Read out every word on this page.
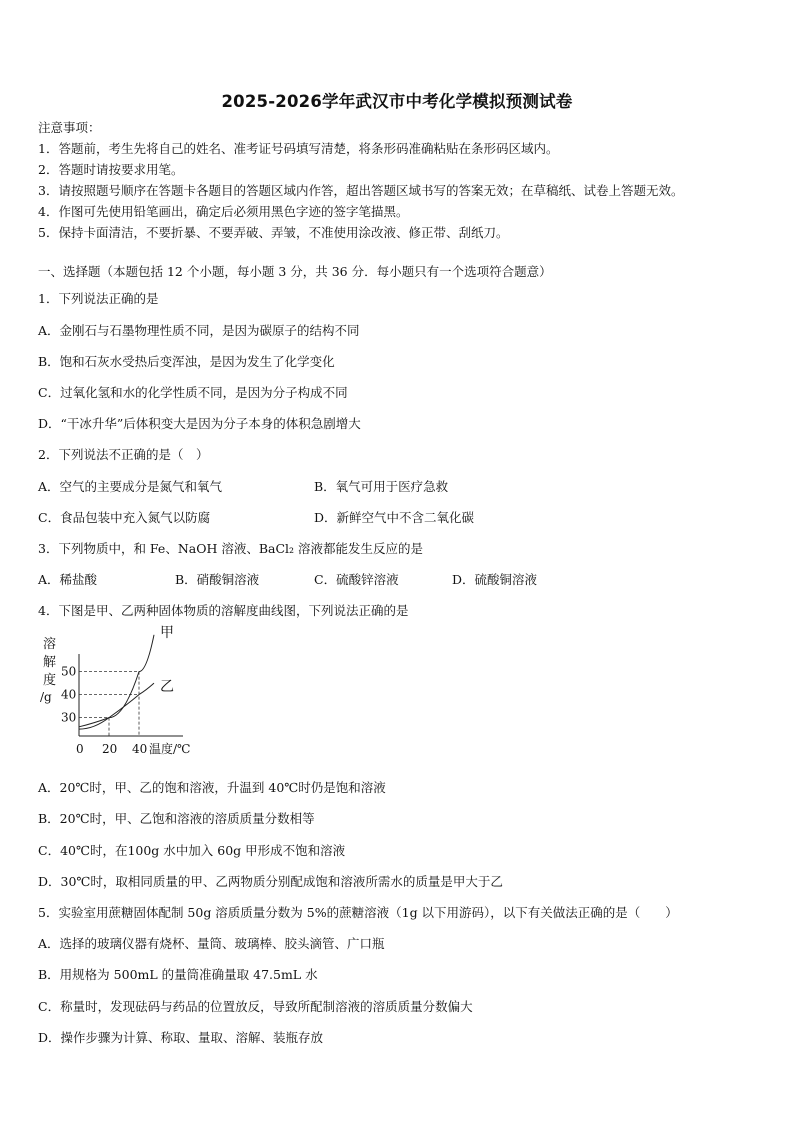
2025-2026学年武汉市中考化学模拟预测试卷
注意事项：
1．答题前，考生先将自己的姓名、准考证号码填写清楚，将条形码准确粘贴在条形码区域内。
2．答题时请按要求用笔。
3．请按照题号顺序在答题卡各题目的答题区域内作答，超出答题区域书写的答案无效；在草稿纸、试卷上答题无效。
4．作图可先使用铅笔画出，确定后必须用黑色字迹的签字笔描黑。
5．保持卡面清洁，不要折暴、不要弄破、弄皱，不准使用涂改液、修正带、刮纸刀。
一、选择题（本题包括 12 个小题，每小题 3 分，共 36 分．每小题只有一个选项符合题意）
1．下列说法正确的是
A．金刚石与石墨物理性质不同，是因为碳原子的结构不同
B．饱和石灰水受热后变浑浊，是因为发生了化学变化
C．过氧化氢和水的化学性质不同，是因为分子构成不同
D．“干冰升华”后体积变大是因为分子本身的体积急剧增大
2．下列说法不正确的是（　）
A．空气的主要成分是氮气和氧气	B．氧气可用于医疗急救
C．食品包装中充入氮气以防腐	D．新鲜空气中不含二氧化碳
3．下列物质中，和 Fe、NaOH 溶液、BaCl₂ 溶液都能发生反应的是
A．稀盐酸	B．硝酸铜溶液	C．硫酸锌溶液	D．硫酸铜溶液
4．下图是甲、乙两种固体物质的溶解度曲线图，下列说法正确的是
溶
解
度
/g
30
40
50
0 20 40 温度/℃
甲
乙
A．20℃时，甲、乙的饱和溶液，升温到 40℃时仍是饱和溶液
B．20℃时，甲、乙饱和溶液的溶质质量分数相等
C．40℃时，在100g 水中加入 60g 甲形成不饱和溶液
D．30℃时，取相同质量的甲、乙两物质分别配成饱和溶液所需水的质量是甲大于乙
5．实验室用蔗糖固体配制 50g 溶质质量分数为 5%的蔗糖溶液（1g 以下用游码），以下有关做法正确的是（　　）
A．选择的玻璃仪器有烧杯、量筒、玻璃棒、胶头滴管、广口瓶
B．用规格为 500mL 的量筒准确量取 47.5mL 水
C．称量时，发现砝码与药品的位置放反，导致所配制溶液的溶质质量分数偏大
D．操作步骤为计算、称取、量取、溶解、装瓶存放
